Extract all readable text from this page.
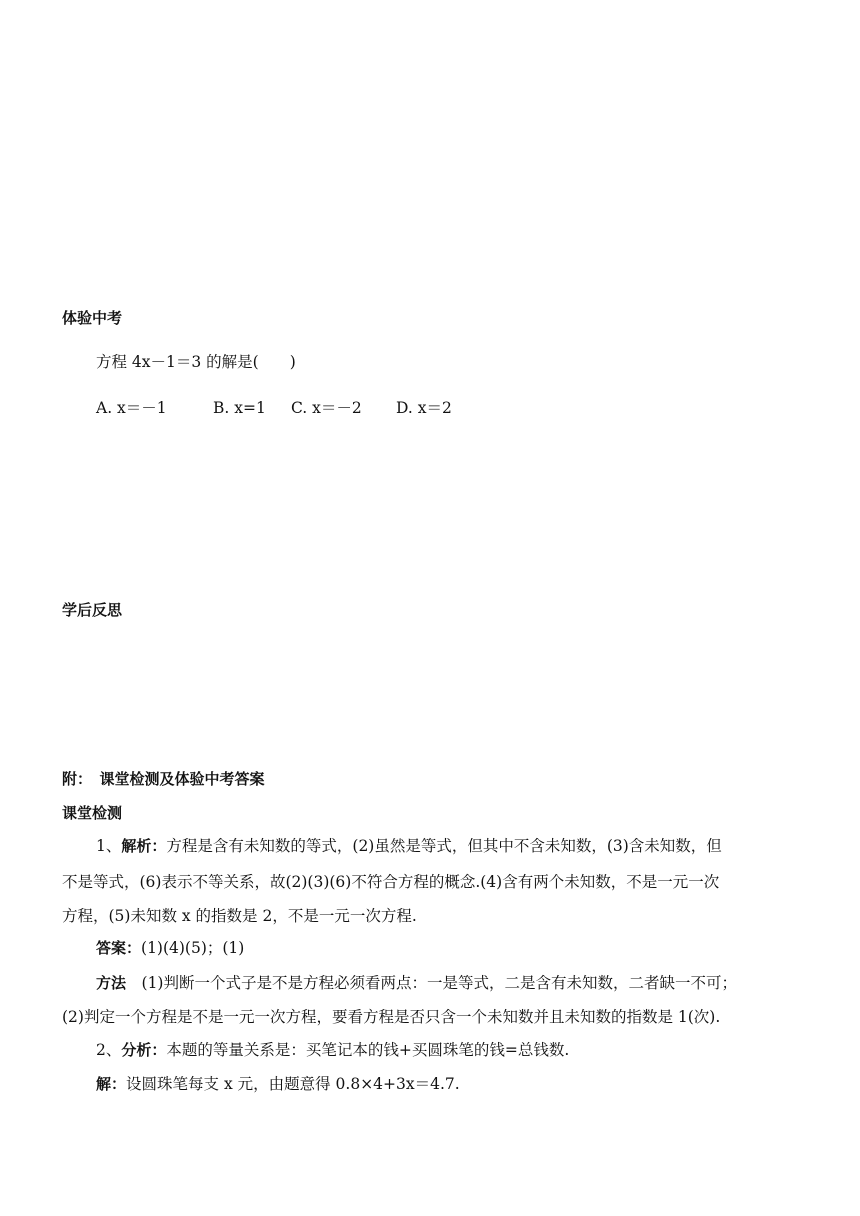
体验中考
方程 4x－1＝3 的解是(　　)
A. x＝－1	B. x=1 C. x＝－2 D. x＝2
学后反思
附：　课堂检测及体验中考答案
课堂检测
1、解析：方程是含有未知数的等式，(2)虽然是等式，但其中不含未知数，(3)含未知数，但
不是等式，(6)表示不等关系，故(2)(3)(6)不符合方程的概念.(4)含有两个未知数，不是一元一次
方程，(5)未知数 x 的指数是 2，不是一元一次方程.
答案：(1)(4)(5)；(1)
方法　(1)判断一个式子是不是方程必须看两点：一是等式，二是含有未知数，二者缺一不可；
(2)判定一个方程是不是一元一次方程，要看方程是否只含一个未知数并且未知数的指数是 1(次).
2、分析：本题的等量关系是：买笔记本的钱+买圆珠笔的钱=总钱数.
解：设圆珠笔每支 x 元，由题意得 0.8×4+3x＝4.7.
